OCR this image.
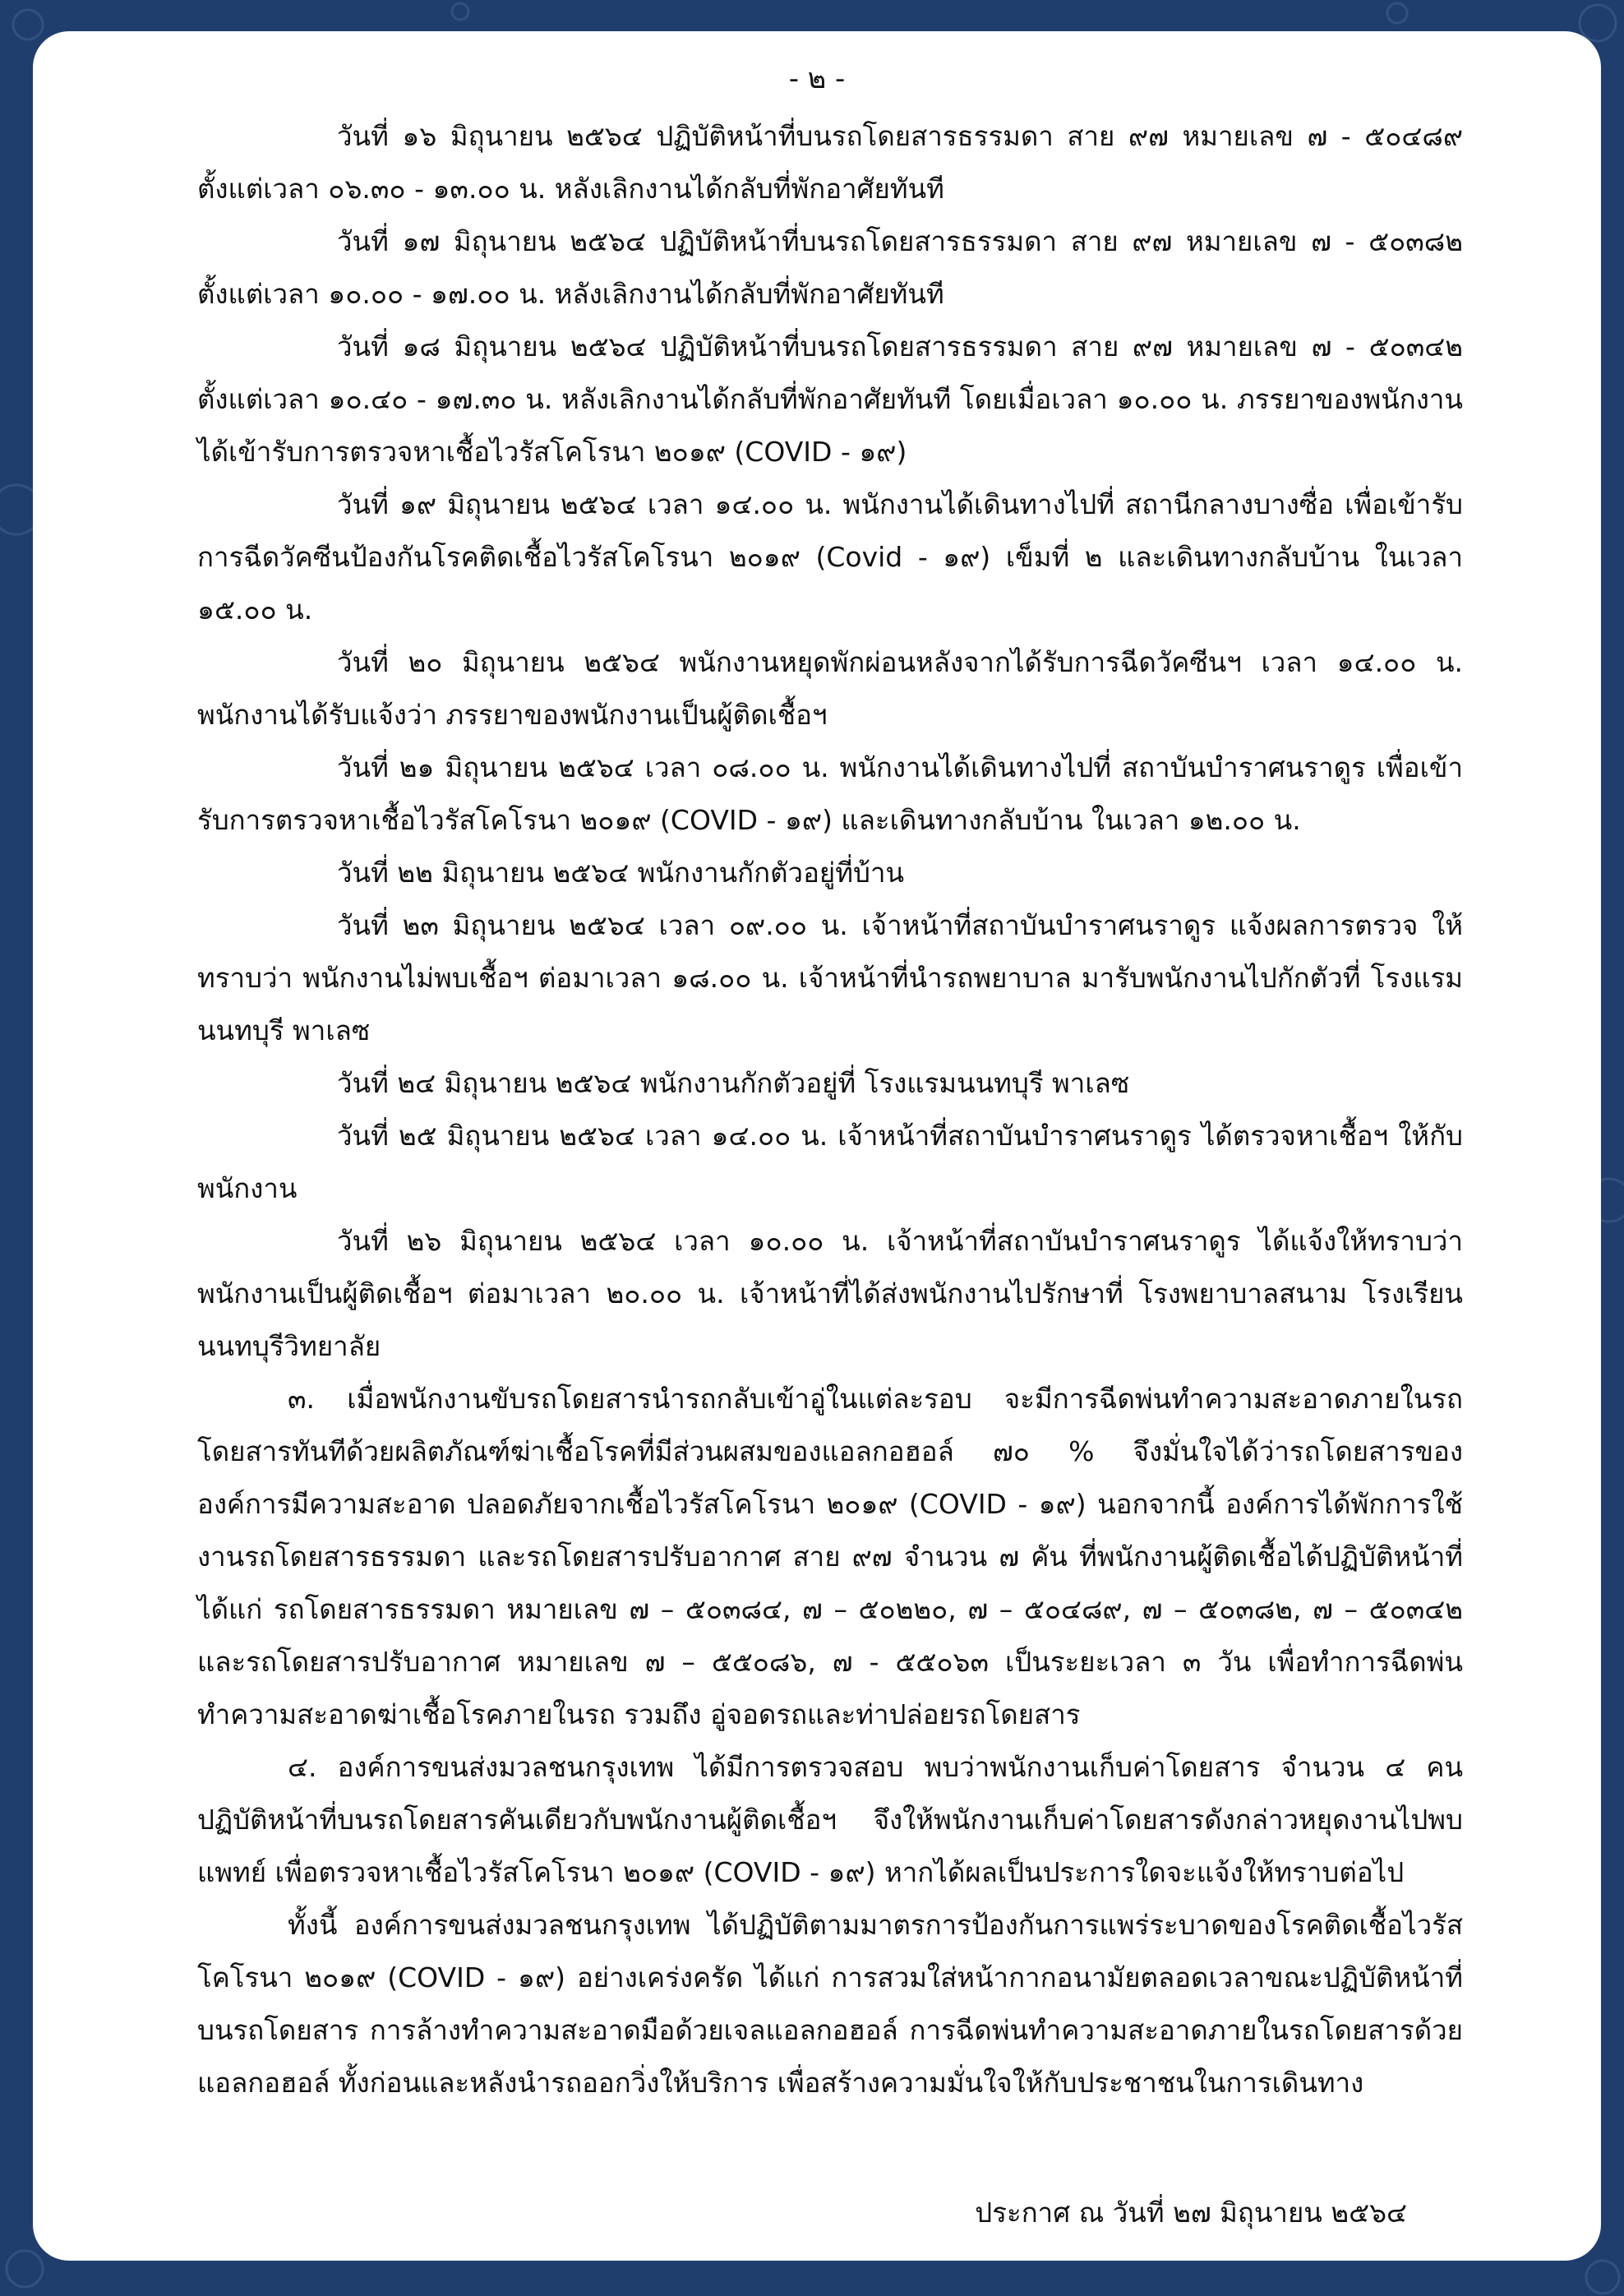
- ๒ -

วันที่ ๑๖ มิถุนายน ๒๕๖๔ ปฏิบัติหน้าที่บนรถโดยสารธรรมดา สาย ๙๗ หมายเลข ๗ - ๕๐๔๘๙ ตั้งแต่เวลา ๐๖.๓๐ - ๑๓.๐๐ น. หลังเลิกงานได้กลับที่พักอาศัยทันที

วันที่ ๑๗ มิถุนายน ๒๕๖๔ ปฏิบัติหน้าที่บนรถโดยสารธรรมดา สาย ๙๗ หมายเลข ๗ - ๕๐๓๘๒ ตั้งแต่เวลา ๑๐.๐๐ - ๑๗.๐๐ น. หลังเลิกงานได้กลับที่พักอาศัยทันที

วันที่ ๑๘ มิถุนายน ๒๕๖๔ ปฏิบัติหน้าที่บนรถโดยสารธรรมดา สาย ๙๗ หมายเลข ๗ - ๕๐๓๔๒ ตั้งแต่เวลา ๑๐.๔๐ - ๑๗.๓๐ น. หลังเลิกงานได้กลับที่พักอาศัยทันที โดยเมื่อเวลา ๑๐.๐๐ น. ภรรยาของพนักงาน ได้เข้ารับการตรวจหาเชื้อไวรัสโคโรนา ๒๐๑๙ (COVID - ๑๙)

วันที่ ๑๙ มิถุนายน ๒๕๖๔ เวลา ๑๔.๐๐ น. พนักงานได้เดินทางไปที่ สถานีกลางบางซื่อ เพื่อเข้ารับการฉีดวัคซีนป้องกันโรคติดเชื้อไวรัสโคโรนา ๒๐๑๙ (Covid - ๑๙) เข็มที่ ๒ และเดินทางกลับบ้าน ในเวลา ๑๕.๐๐ น.

วันที่ ๒๐ มิถุนายน ๒๕๖๔ พนักงานหยุดพักผ่อนหลังจากได้รับการฉีดวัคซีนฯ เวลา ๑๔.๐๐ น. พนักงานได้รับแจ้งว่า ภรรยาของพนักงานเป็นผู้ติดเชื้อฯ

วันที่ ๒๑ มิถุนายน ๒๕๖๔ เวลา ๐๘.๐๐ น. พนักงานได้เดินทางไปที่ สถาบันบำราศนราดูร เพื่อเข้ารับการตรวจหาเชื้อไวรัสโคโรนา ๒๐๑๙ (COVID - ๑๙) และเดินทางกลับบ้าน ในเวลา ๑๒.๐๐ น.

วันที่ ๒๒ มิถุนายน ๒๕๖๔ พนักงานกักตัวอยู่ที่บ้าน

วันที่ ๒๓ มิถุนายน ๒๕๖๔ เวลา ๐๙.๐๐ น. เจ้าหน้าที่สถาบันบำราศนราดูร แจ้งผลการตรวจ ให้ทราบว่า พนักงานไม่พบเชื้อฯ ต่อมาเวลา ๑๘.๐๐ น. เจ้าหน้าที่นำรถพยาบาล มารับพนักงานไปกักตัวที่ โรงแรมนนทบุรี พาเลซ

วันที่ ๒๔ มิถุนายน ๒๕๖๔ พนักงานกักตัวอยู่ที่ โรงแรมนนทบุรี พาเลซ

วันที่ ๒๕ มิถุนายน ๒๕๖๔ เวลา ๑๔.๐๐ น. เจ้าหน้าที่สถาบันบำราศนราดูร ได้ตรวจหาเชื้อฯ ให้กับพนักงาน

วันที่ ๒๖ มิถุนายน ๒๕๖๔ เวลา ๑๐.๐๐ น. เจ้าหน้าที่สถาบันบำราศนราดูร ได้แจ้งให้ทราบว่า พนักงานเป็นผู้ติดเชื้อฯ ต่อมาเวลา ๒๐.๐๐ น. เจ้าหน้าที่ได้ส่งพนักงานไปรักษาที่ โรงพยาบาลสนาม โรงเรียน นนทบุรีวิทยาลัย

๓. เมื่อพนักงานขับรถโดยสารนำรถกลับเข้าอู่ในแต่ละรอบ จะมีการฉีดพ่นทำความสะอาดภายในรถโดยสารทันทีด้วยผลิตภัณฑ์ฆ่าเชื้อโรคที่มีส่วนผสมของแอลกอฮอล์ ๗๐ % จึงมั่นใจได้ว่ารถโดยสารขององค์การมีความสะอาด ปลอดภัยจากเชื้อไวรัสโคโรนา ๒๐๑๙ (COVID - ๑๙) นอกจากนี้ องค์การได้พักการใช้งานรถโดยสารธรรมดา และรถโดยสารปรับอากาศ สาย ๙๗ จำนวน ๗ คัน ที่พนักงานผู้ติดเชื้อได้ปฏิบัติหน้าที่ ได้แก่ รถโดยสารธรรมดา หมายเลข ๗ – ๕๐๓๘๔, ๗ – ๕๐๒๒๐, ๗ – ๕๐๔๘๙, ๗ – ๕๐๓๘๒, ๗ – ๕๐๓๔๒ และรถโดยสารปรับอากาศ หมายเลข ๗ – ๕๕๐๘๖, ๗ - ๕๕๐๖๓ เป็นระยะเวลา ๓ วัน เพื่อทำการฉีดพ่น ทำความสะอาดฆ่าเชื้อโรคภายในรถ รวมถึง อู่จอดรถและท่าปล่อยรถโดยสาร

๔. องค์การขนส่งมวลชนกรุงเทพ ได้มีการตรวจสอบ พบว่าพนักงานเก็บค่าโดยสาร จำนวน ๔ คน ปฏิบัติหน้าที่บนรถโดยสารคันเดียวกับพนักงานผู้ติดเชื้อฯ จึงให้พนักงานเก็บค่าโดยสารดังกล่าวหยุดงานไปพบแพทย์ เพื่อตรวจหาเชื้อไวรัสโคโรนา ๒๐๑๙ (COVID - ๑๙) หากได้ผลเป็นประการใดจะแจ้งให้ทราบต่อไป

ทั้งนี้ องค์การขนส่งมวลชนกรุงเทพ ได้ปฏิบัติตามมาตรการป้องกันการแพร่ระบาดของโรคติดเชื้อไวรัสโคโรนา ๒๐๑๙ (COVID - ๑๙) อย่างเคร่งครัด ได้แก่ การสวมใส่หน้ากากอนามัยตลอดเวลาขณะปฏิบัติหน้าที่บนรถโดยสาร การล้างทำความสะอาดมือด้วยเจลแอลกอฮอล์ การฉีดพ่นทำความสะอาดภายในรถโดยสารด้วยแอลกอฮอล์ ทั้งก่อนและหลังนำรถออกวิ่งให้บริการ เพื่อสร้างความมั่นใจให้กับประชาชนในการเดินทาง

ประกาศ ณ วันที่ ๒๗ มิถุนายน ๒๕๖๔
